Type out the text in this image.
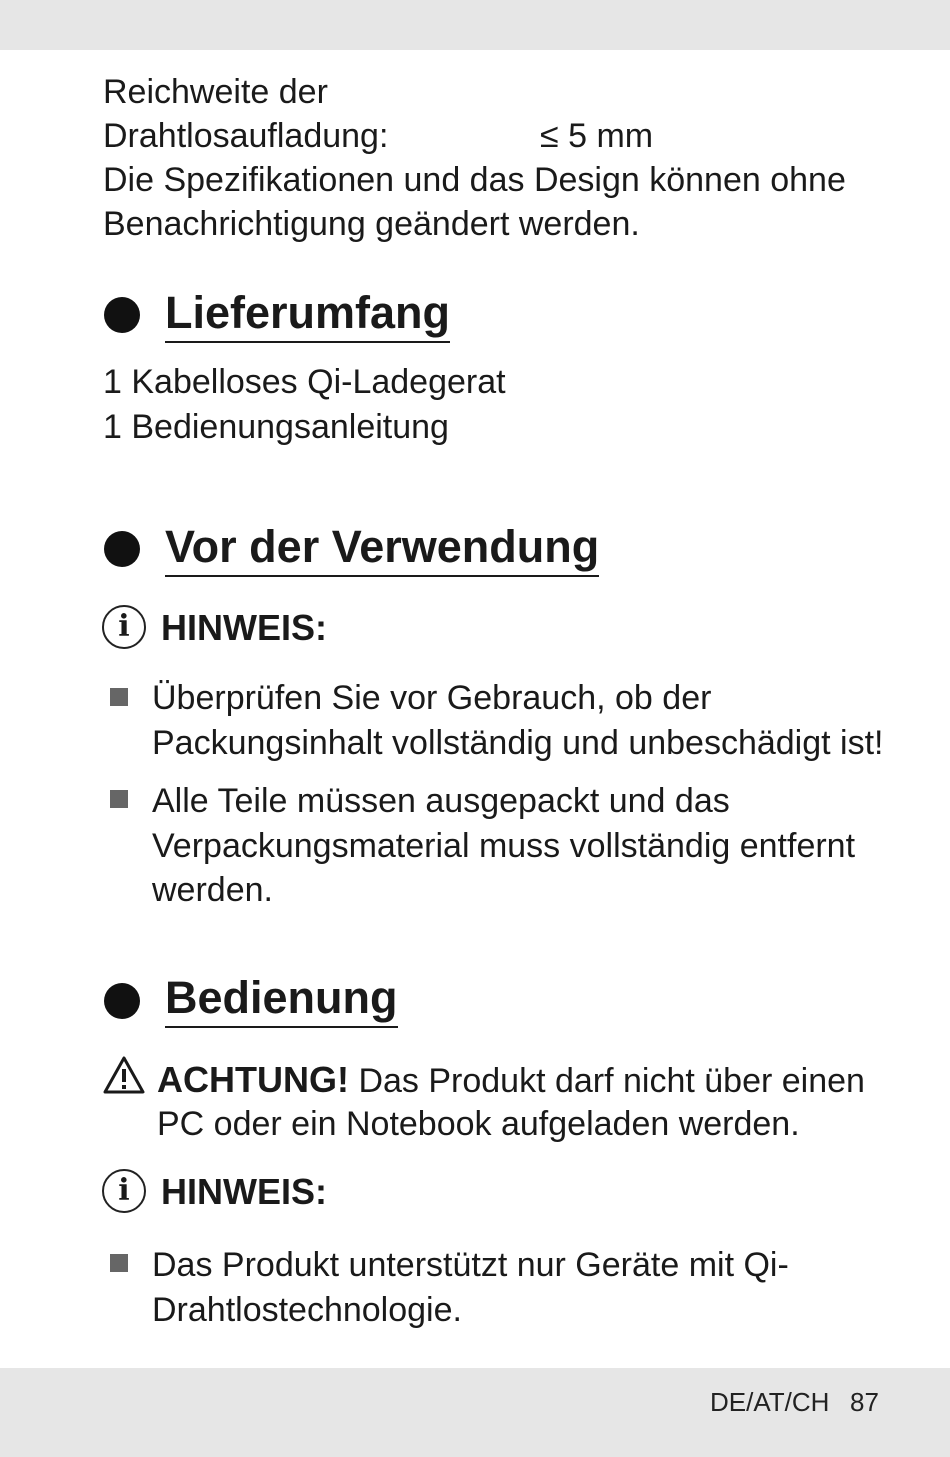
Reichweite der
Drahtlosaufladung:	≤ 5 mm
Die Spezifikationen und das Design können ohne
Benachrichtigung geändert werden.
Lieferumfang
1 Kabelloses Qi-Ladegerat
1 Bedienungsanleitung
Vor der Verwendung
i HINWEIS:
Überprüfen Sie vor Gebrauch, ob der
Packungsinhalt vollständig und unbeschädigt ist!
Alle Teile müssen ausgepackt und das
Verpackungsmaterial muss vollständig entfernt
werden.
Bedienung
ACHTUNG! Das Produkt darf nicht über einen
PC oder ein Notebook aufgeladen werden.
i HINWEIS:
Das Produkt unterstützt nur Geräte mit Qi-
Drahtlostechnologie.
DE/AT/CH 87
